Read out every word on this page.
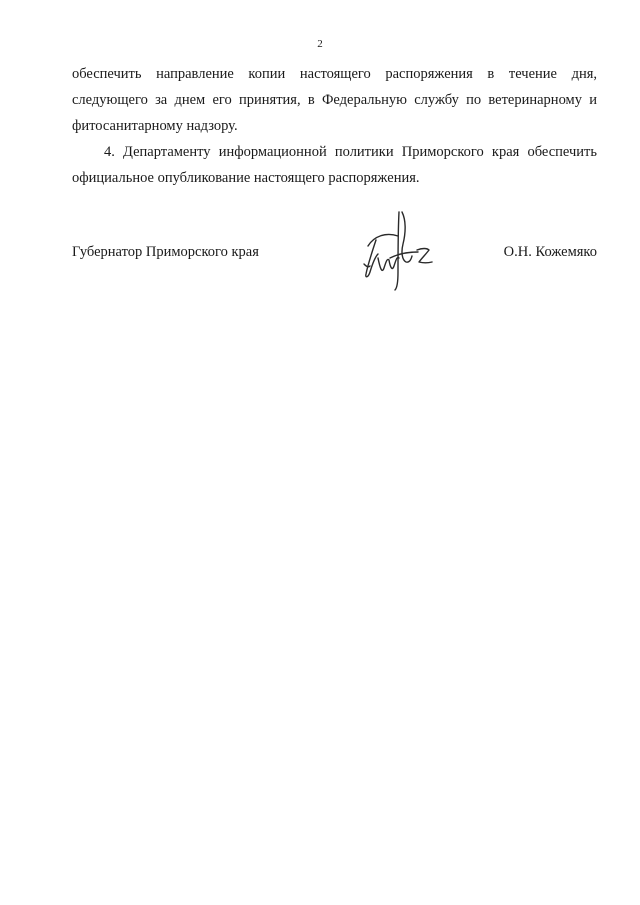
2

обеспечить направление копии настоящего распоряжения в течение дня, следующего за днем его принятия, в Федеральную службу по ветеринарному и фитосанитарному надзору.

4. Департаменту информационной политики Приморского края обеспечить официальное опубликование настоящего распоряжения.

Губернатор Приморского края	О.Н. Кожемяко
